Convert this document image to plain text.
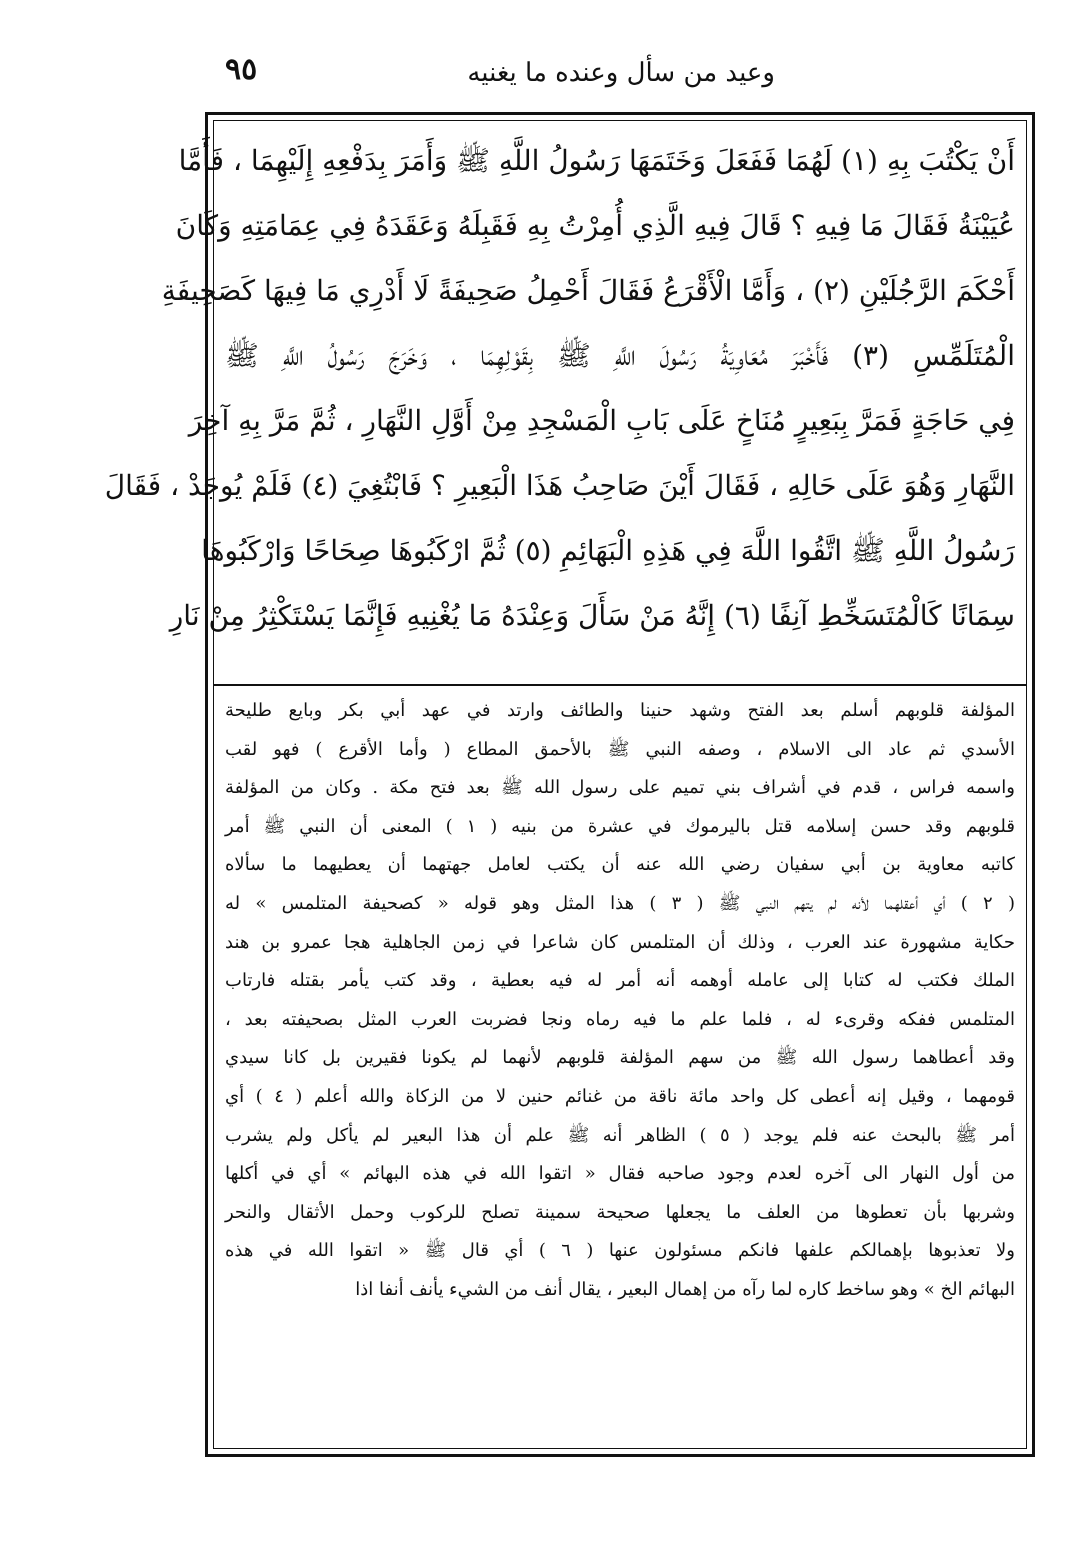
٩٥	وعيد من سأل وعنده ما يغنيه
أَنْ يَكْتُبَ بِهِ (١) لَهُمَا فَفَعَلَ وَخَتَمَهَا رَسُولُ اللَّهِ ﷺ وَأَمَرَ بِدَفْعِهِ إِلَيْهِمَا ، فَأَمَّا
عُيَيْنَةُ فَقَالَ مَا فِيهِ ؟ قَالَ فِيهِ الَّذِي أُمِرْتُ بِهِ فَقَبِلَهُ وَعَقَدَهُ فِي عِمَامَتِهِ وَكَانَ
أَحْكَمَ الرَّجُلَيْنِ (٢) ، وَأَمَّا الْأَقْرَعُ فَقَالَ أَحْمِلُ صَحِيفَةً لَا أَدْرِي مَا فِيهَا كَصَحِيفَةِ
الْمُتَلَمِّسِ (٣) فَأَخْبَرَ مُعَاوِيَةُ رَسُولَ اللَّهِ ﷺ بِقَوْلِهِمَا ، وَخَرَجَ رَسُولُ اللَّهِ ﷺ
فِي حَاجَةٍ فَمَرَّ بِبَعِيرٍ مُنَاخٍ عَلَى بَابِ الْمَسْجِدِ مِنْ أَوَّلِ النَّهَارِ ، ثُمَّ مَرَّ بِهِ آخِرَ
النَّهَارِ وَهُوَ عَلَى حَالِهِ ، فَقَالَ أَيْنَ صَاحِبُ هَذَا الْبَعِيرِ ؟ فَابْتُغِيَ (٤) فَلَمْ يُوجَدْ ، فَقَالَ
رَسُولُ اللَّهِ ﷺ اتَّقُوا اللَّهَ فِي هَذِهِ الْبَهَائِمِ (٥) ثُمَّ ارْكَبُوهَا صِحَاحًا وَارْكَبُوهَا
سِمَانًا كَالْمُتَسَخِّطِ آنِفًا (٦) إِنَّهُ مَنْ سَأَلَ وَعِنْدَهُ مَا يُغْنِيهِ فَإِنَّمَا يَسْتَكْثِرُ مِنْ نَارِ
المؤلفة قلوبهم أسلم بعد الفتح وشهد حنينا والطائف وارتد في عهد أبي بكر وبايع طليحة
الأسدي ثم عاد الى الاسلام ، وصفه النبي ﷺ بالأحمق المطاع ( وأما الأقرع ) فهو لقب
واسمه فراس ، قدم في أشراف بني تميم على رسول الله ﷺ بعد فتح مكة . وكان من المؤلفة
قلوبهم وقد حسن إسلامه قتل باليرموك في عشرة من بنيه ( ١ ) المعنى أن النبي ﷺ أمر
كاتبه معاوية بن أبي سفيان رضي الله عنه أن يكتب لعامل جهتهما أن يعطيهما ما سألاه
( ٢ ) أي أعقلهما لأنه لم يتهم النبي ﷺ ( ٣ ) هذا المثل وهو قوله « كصحيفة المتلمس » له
حكاية مشهورة عند العرب ، وذلك أن المتلمس كان شاعرا في زمن الجاهلية هجا عمرو بن هند
الملك فكتب له كتابا إلى عامله أوهمه أنه أمر له فيه بعطية ، وقد كتب يأمر بقتله فارتاب
المتلمس ففكه وقرىء له ، فلما علم ما فيه رماه ونجا فضربت العرب المثل بصحيفته بعد ،
وقد أعطاهما رسول الله ﷺ من سهم المؤلفة قلوبهم لأنهما لم يكونا فقيرين بل كانا سيدي
قومهما ، وقيل إنه أعطى كل واحد مائة ناقة من غنائم حنين لا من الزكاة والله أعلم ( ٤ ) أي
أمر ﷺ بالبحث عنه فلم يوجد ( ٥ ) الظاهر أنه ﷺ علم أن هذا البعير لم يأكل ولم يشرب
من أول النهار الى آخره لعدم وجود صاحبه فقال « اتقوا الله في هذه البهائم » أي في أكلها
وشربها بأن تعطوها من العلف ما يجعلها صحيحة سمينة تصلح للركوب وحمل الأثقال والنحر
ولا تعذبوها بإهمالكم علفها فانكم مسئولون عنها ( ٦ ) أي قال ﷺ « اتقوا الله في هذه
البهائم الخ » وهو ساخط كاره لما رآه من إهمال البعير ، يقال أنف من الشيء يأنف أنفا اذا
